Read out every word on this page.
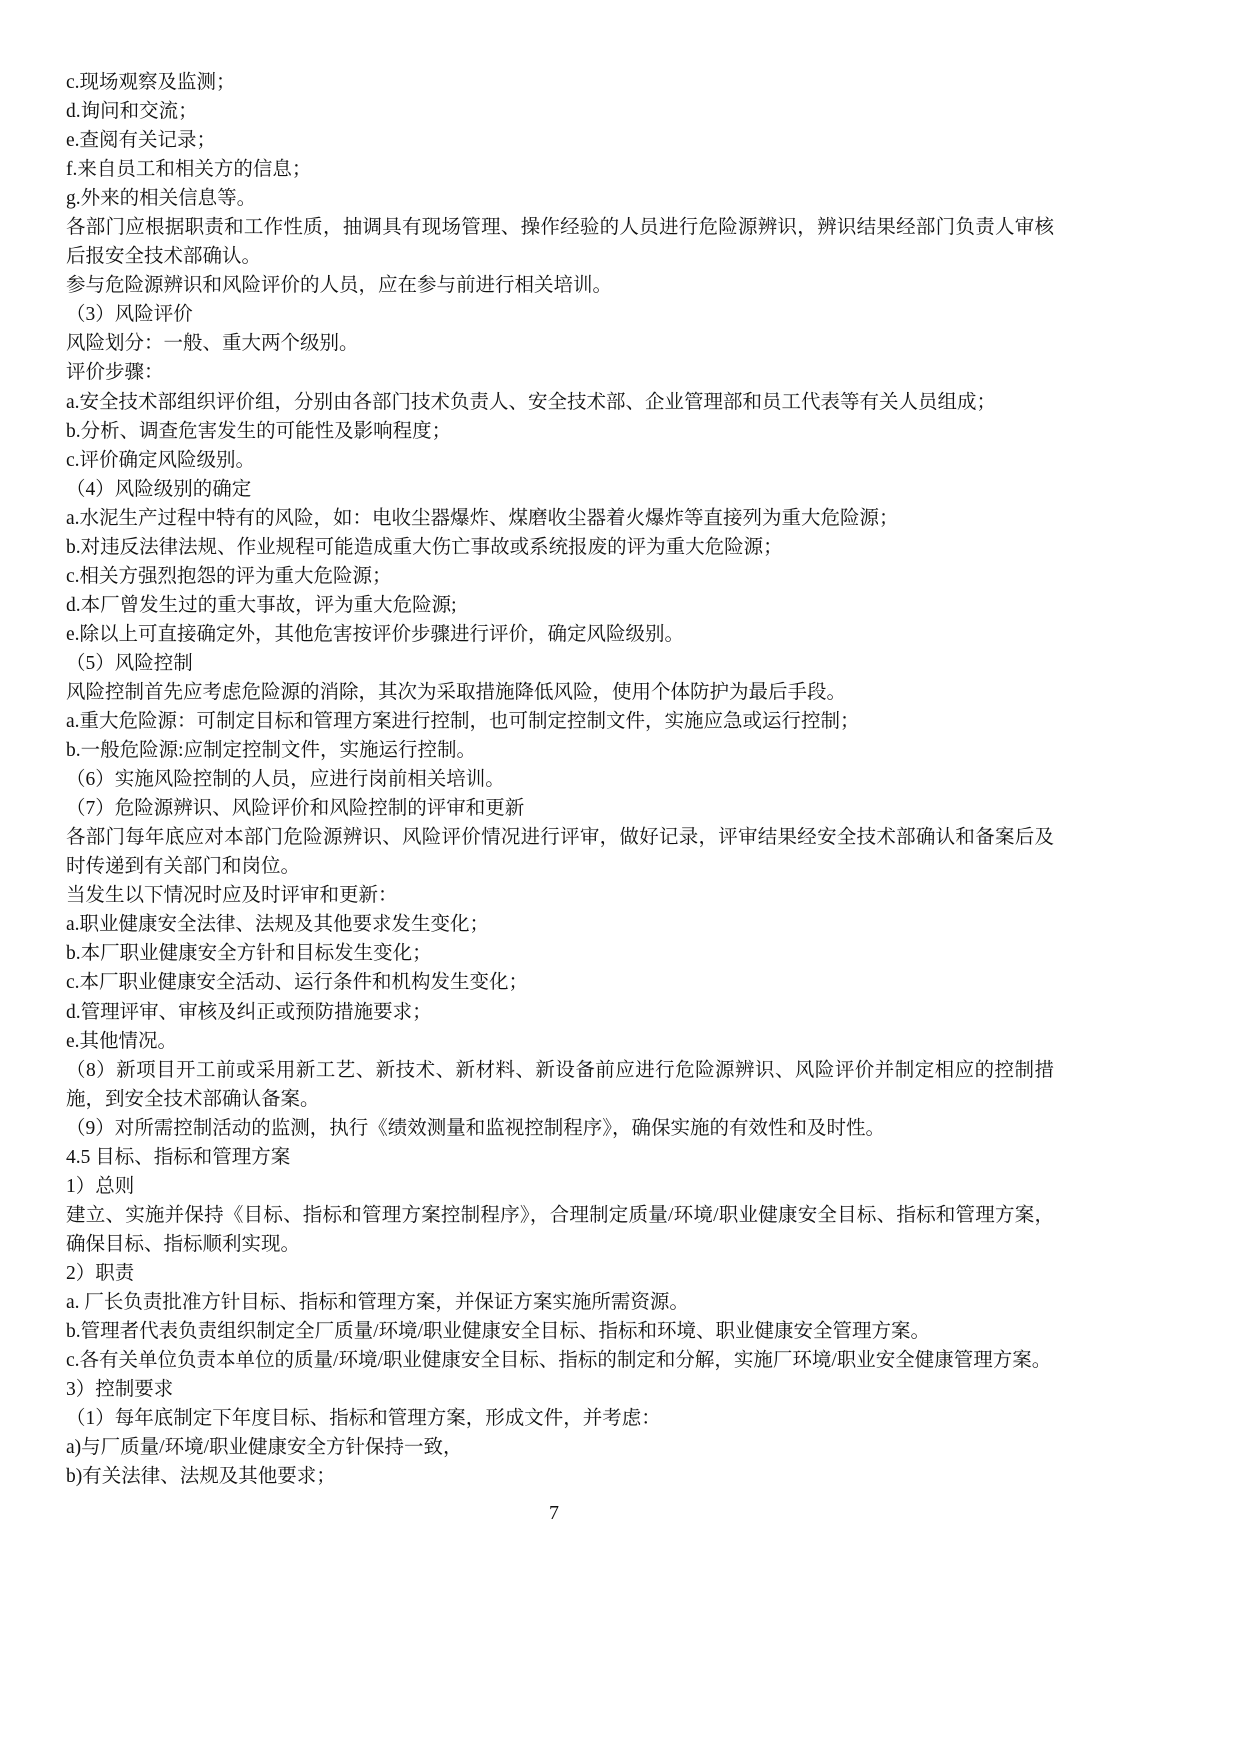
c.现场观察及监测；

d.询问和交流；

e.查阅有关记录；

f.来自员工和相关方的信息；

g.外来的相关信息等。

各部门应根据职责和工作性质，抽调具有现场管理、操作经验的人员进行危险源辨识，辨识结果经部门负责人审核后报安全技术部确认。

参与危险源辨识和风险评价的人员，应在参与前进行相关培训。

（3）风险评价

风险划分：一般、重大两个级别。

评价步骤：

a.安全技术部组织评价组，分别由各部门技术负责人、安全技术部、企业管理部和员工代表等有关人员组成；

b.分析、调查危害发生的可能性及影响程度；

c.评价确定风险级别。

（4）风险级别的确定

a.水泥生产过程中特有的风险，如：电收尘器爆炸、煤磨收尘器着火爆炸等直接列为重大危险源；

b.对违反法律法规、作业规程可能造成重大伤亡事故或系统报废的评为重大危险源；

c.相关方强烈抱怨的评为重大危险源；

d.本厂曾发生过的重大事故，评为重大危险源;

e.除以上可直接确定外，其他危害按评价步骤进行评价，确定风险级别。

（5）风险控制

风险控制首先应考虑危险源的消除，其次为采取措施降低风险，使用个体防护为最后手段。

a.重大危险源：可制定目标和管理方案进行控制，也可制定控制文件，实施应急或运行控制；

b.一般危险源:应制定控制文件，实施运行控制。

（6）实施风险控制的人员，应进行岗前相关培训。

（7）危险源辨识、风险评价和风险控制的评审和更新

各部门每年底应对本部门危险源辨识、风险评价情况进行评审，做好记录，评审结果经安全技术部确认和备案后及时传递到有关部门和岗位。

当发生以下情况时应及时评审和更新：

a.职业健康安全法律、法规及其他要求发生变化；

b.本厂职业健康安全方针和目标发生变化；

c.本厂职业健康安全活动、运行条件和机构发生变化；

d.管理评审、审核及纠正或预防措施要求；

e.其他情况。

（8）新项目开工前或采用新工艺、新技术、新材料、新设备前应进行危险源辨识、风险评价并制定相应的控制措施，到安全技术部确认备案。

（9）对所需控制活动的监测，执行《绩效测量和监视控制程序》，确保实施的有效性和及时性。

4.5 目标、指标和管理方案

1）总则

建立、实施并保持《目标、指标和管理方案控制程序》，合理制定质量/环境/职业健康安全目标、指标和管理方案，确保目标、指标顺利实现。

2）职责

a. 厂长负责批准方针目标、指标和管理方案，并保证方案实施所需资源。

b.管理者代表负责组织制定全厂质量/环境/职业健康安全目标、指标和环境、职业健康安全管理方案。

c.各有关单位负责本单位的质量/环境/职业健康安全目标、指标的制定和分解，实施厂环境/职业安全健康管理方案。

3）控制要求

（1）每年底制定下年度目标、指标和管理方案，形成文件，并考虑：

a)与厂质量/环境/职业健康安全方针保持一致，

b)有关法律、法规及其他要求；

7
